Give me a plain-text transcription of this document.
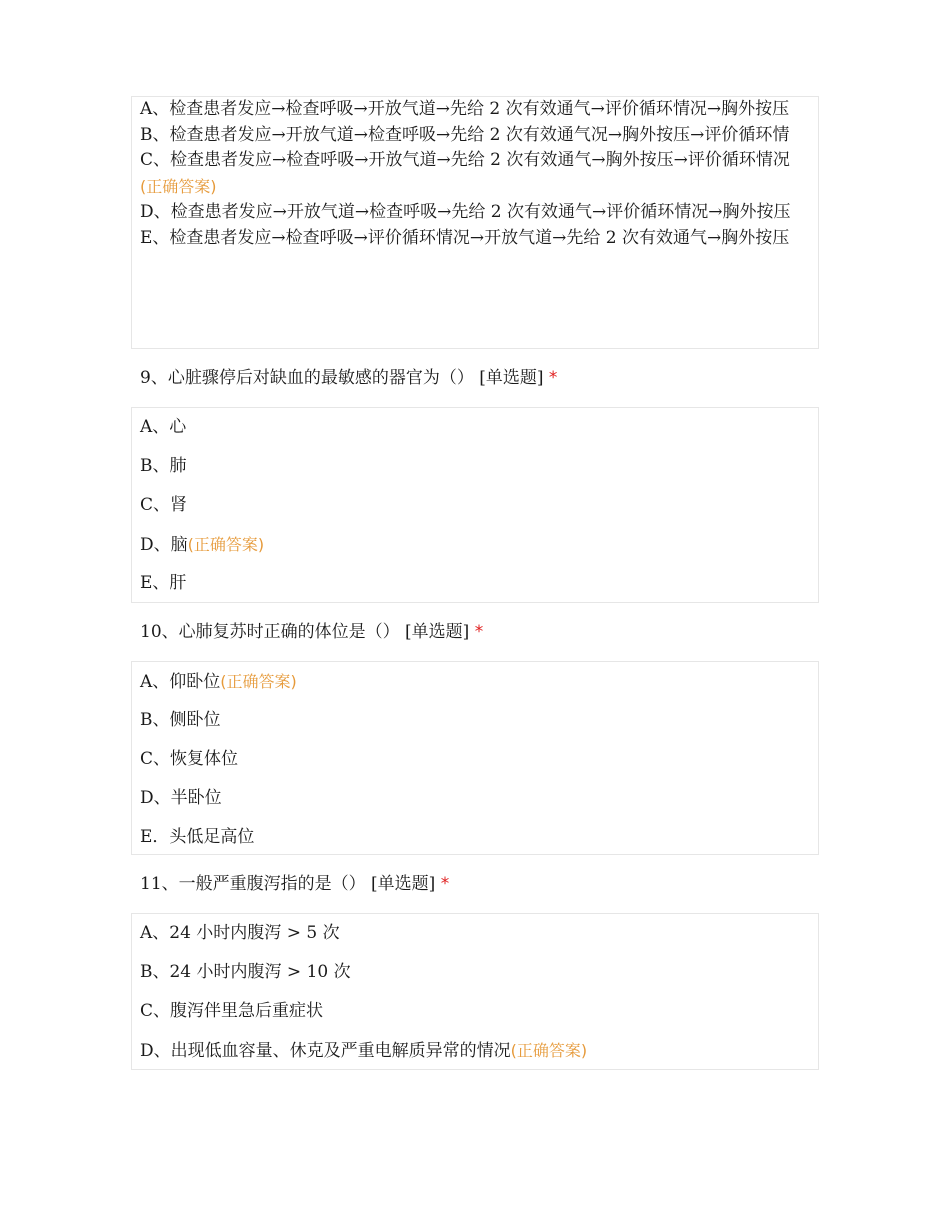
A、检查患者发应→检查呼吸→开放气道→先给 2 次有效通气→评价循环情况→胸外按压
B、检查患者发应→开放气道→检查呼吸→先给 2 次有效通气况→胸外按压→评价循环情
C、检查患者发应→检查呼吸→开放气道→先给 2 次有效通气→胸外按压→评价循环情况(正确答案)
D、检查患者发应→开放气道→检查呼吸→先给 2 次有效通气→评价循环情况→胸外按压
E、检查患者发应→检查呼吸→评价循环情况→开放气道→先给 2 次有效通气→胸外按压
9、心脏骤停后对缺血的最敏感的器官为（） [单选题] *
A、心
B、肺
C、肾
D、脑(正确答案)
E、肝
10、心肺复苏时正确的体位是（） [单选题] *
A、仰卧位(正确答案)
B、侧卧位
C、恢复体位
D、半卧位
E．头低足高位
11、一般严重腹泻指的是（） [单选题] *
A、24 小时内腹泻 > 5 次
B、24 小时内腹泻 > 10 次
C、腹泻伴里急后重症状
D、出现低血容量、休克及严重电解质异常的情况(正确答案)
